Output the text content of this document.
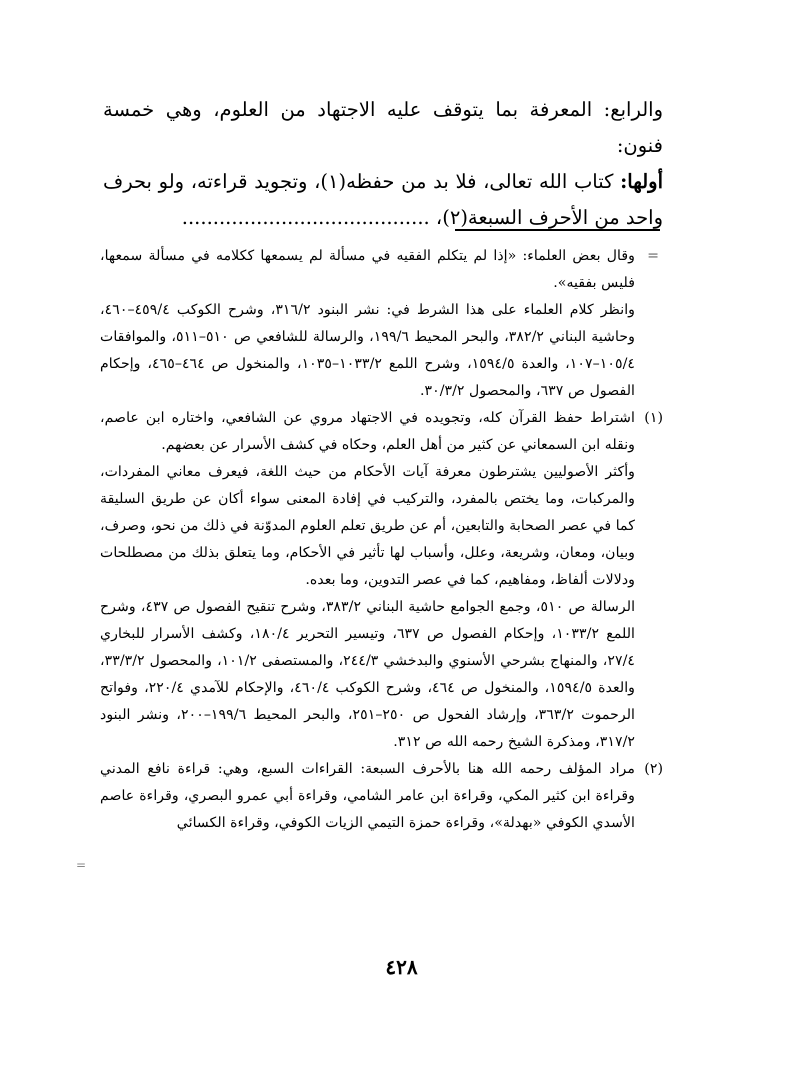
والرابع: المعرفة بما يتوقف عليه الاجتهاد من العلوم، وهي خمسة فنون:

أولها: كتاب الله تعالى، فلا بد من حفظه(١)، وتجويد قراءته، ولو بحرف واحد من الأحرف السبعة(٢)، ........................................

=
وقال بعض العلماء: «إذا لم يتكلم الفقيه في مسألة لم يسمعها ككلامه في مسألة سمعها، فليس بفقيه».

وانظر كلام العلماء على هذا الشرط في: نشر البنود ٣١٦/٢، وشرح الكوكب ٤٥٩/٤–٤٦٠، وحاشية البناني ٣٨٢/٢، والبحر المحيط ١٩٩/٦، والرسالة للشافعي ص ٥١٠–٥١١، والموافقات ١٠٥/٤–١٠٧، والعدة ١٥٩٤/٥، وشرح اللمع ١٠٣٣/٢–١٠٣٥، والمنخول ص ٤٦٤–٤٦٥، وإحكام الفصول ص ٦٣٧، والمحصول ٣٠/٣/٢.

(١)
اشتراط حفظ القرآن كله، وتجويده في الاجتهاد مروي عن الشافعي، واختاره ابن عاصم، ونقله ابن السمعاني عن كثير من أهل العلم، وحكاه في كشف الأسرار عن بعضهم.

وأكثر الأصوليين يشترطون معرفة آيات الأحكام من حيث اللغة، فيعرف معاني المفردات، والمركبات، وما يختص بالمفرد، والتركيب في إفادة المعنى سواء أكان عن طريق السليقة كما في عصر الصحابة والتابعين، أم عن طريق تعلم العلوم المدوّنة في ذلك من نحو، وصرف، وبيان، ومعان، وشريعة، وعلل، وأسباب لها تأثير في الأحكام، وما يتعلق بذلك من مصطلحات ودلالات ألفاظ، ومفاهيم، كما في عصر التدوين، وما بعده.

الرسالة ص ٥١٠، وجمع الجوامع حاشية البناني ٣٨٣/٢، وشرح تنقيح الفصول ص ٤٣٧، وشرح اللمع ١٠٣٣/٢، وإحكام الفصول ص ٦٣٧، وتيسير التحرير ١٨٠/٤، وكشف الأسرار للبخاري ٢٧/٤، والمنهاج بشرحي الأسنوي والبدخشي ٢٤٤/٣، والمستصفى ١٠١/٢، والمحصول ٣٣/٣/٢، والعدة ١٥٩٤/٥، والمنخول ص ٤٦٤، وشرح الكوكب ٤٦٠/٤، والإحكام للآمدي ٢٢٠/٤، وفواتح الرحموت ٣٦٣/٢، وإرشاد الفحول ص ٢٥٠–٢٥١، والبحر المحيط ١٩٩/٦–٢٠٠، ونشر البنود ٣١٧/٢، ومذكرة الشيخ رحمه الله ص ٣١٢.

(٢)
مراد المؤلف رحمه الله هنا بالأحرف السبعة: القراءات السبع، وهي: قراءة نافع المدني وقراءة ابن كثير المكي، وقراءة ابن عامر الشامي، وقراءة أبي عمرو البصري، وقراءة عاصم الأسدي الكوفي «بهدلة»، وقراءة حمزة التيمي الزيات الكوفي، وقراءة الكسائي

=
٤٢٨
